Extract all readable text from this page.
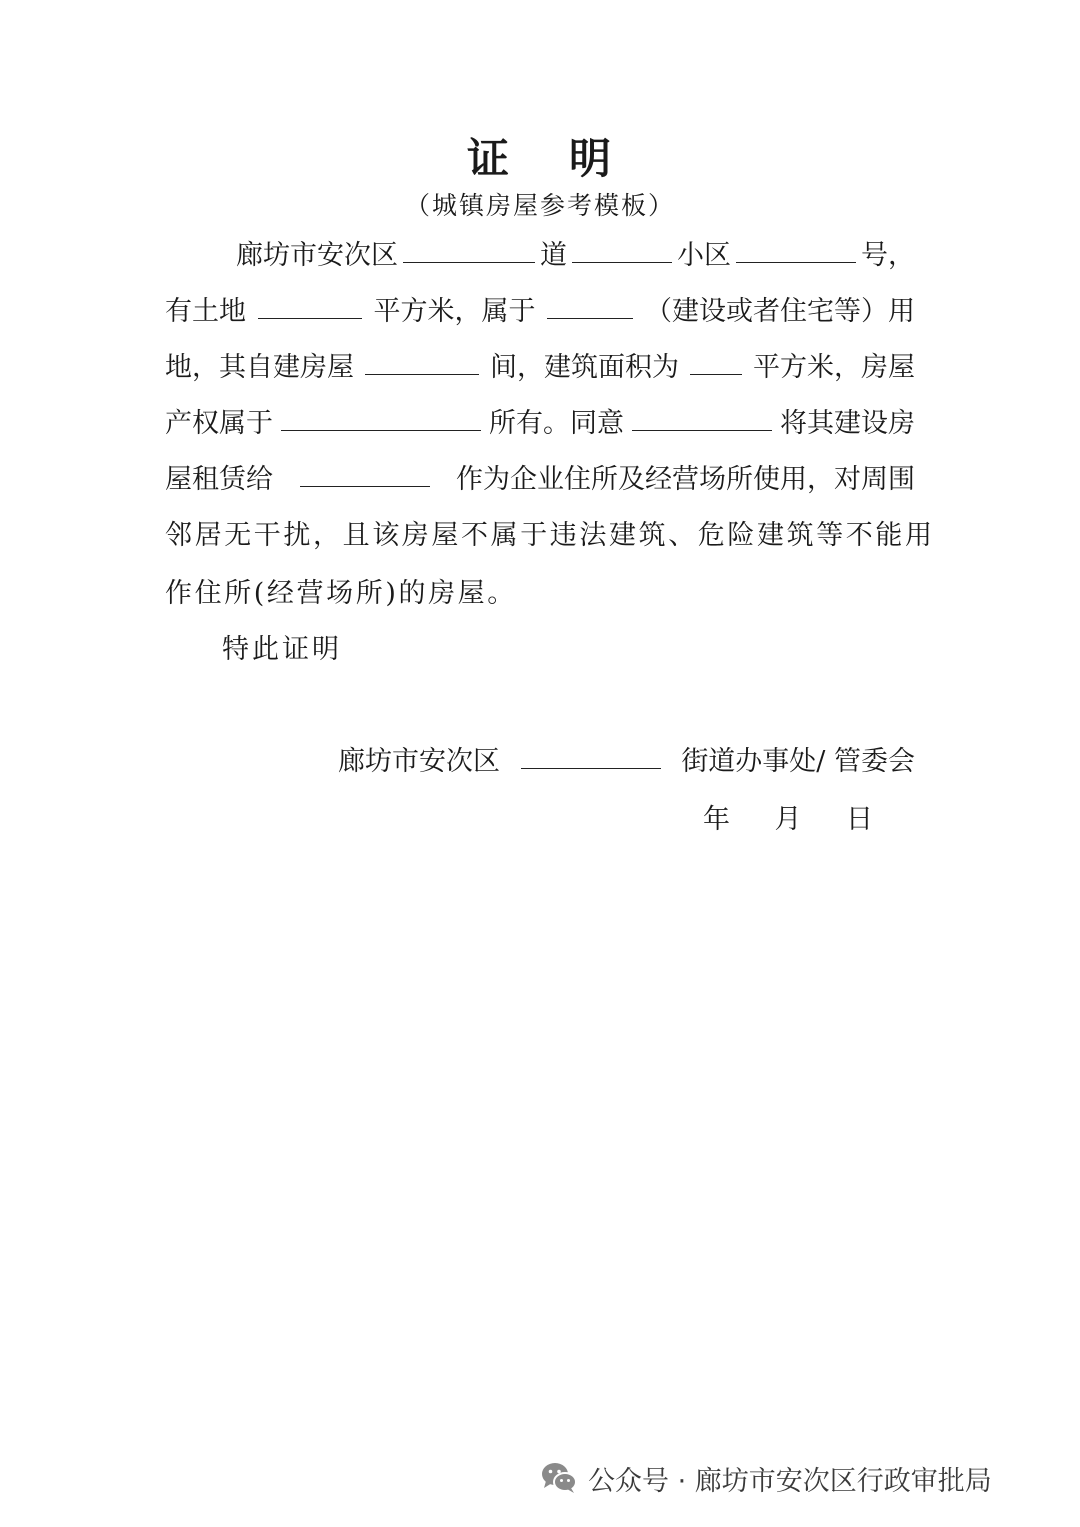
证 明
（城镇房屋参考模板）
廊坊市安次区	道	小区	号，
有土地	平方米，属于	（建设或者住宅等）用
地，其自建房屋	间，建筑面积为	平方米，房屋
产权属于	所有。同意	将其建设房
屋租赁给	作为企业住所及经营场所使用，对周围
邻居无干扰，且该房屋不属于违法建筑、危险建筑等不能用
作住所(经营场所)的房屋。
特此证明
廊坊市安次区	街道办事处/ 管委会
年 月 日
公众号 · 廊坊市安次区行政审批局
